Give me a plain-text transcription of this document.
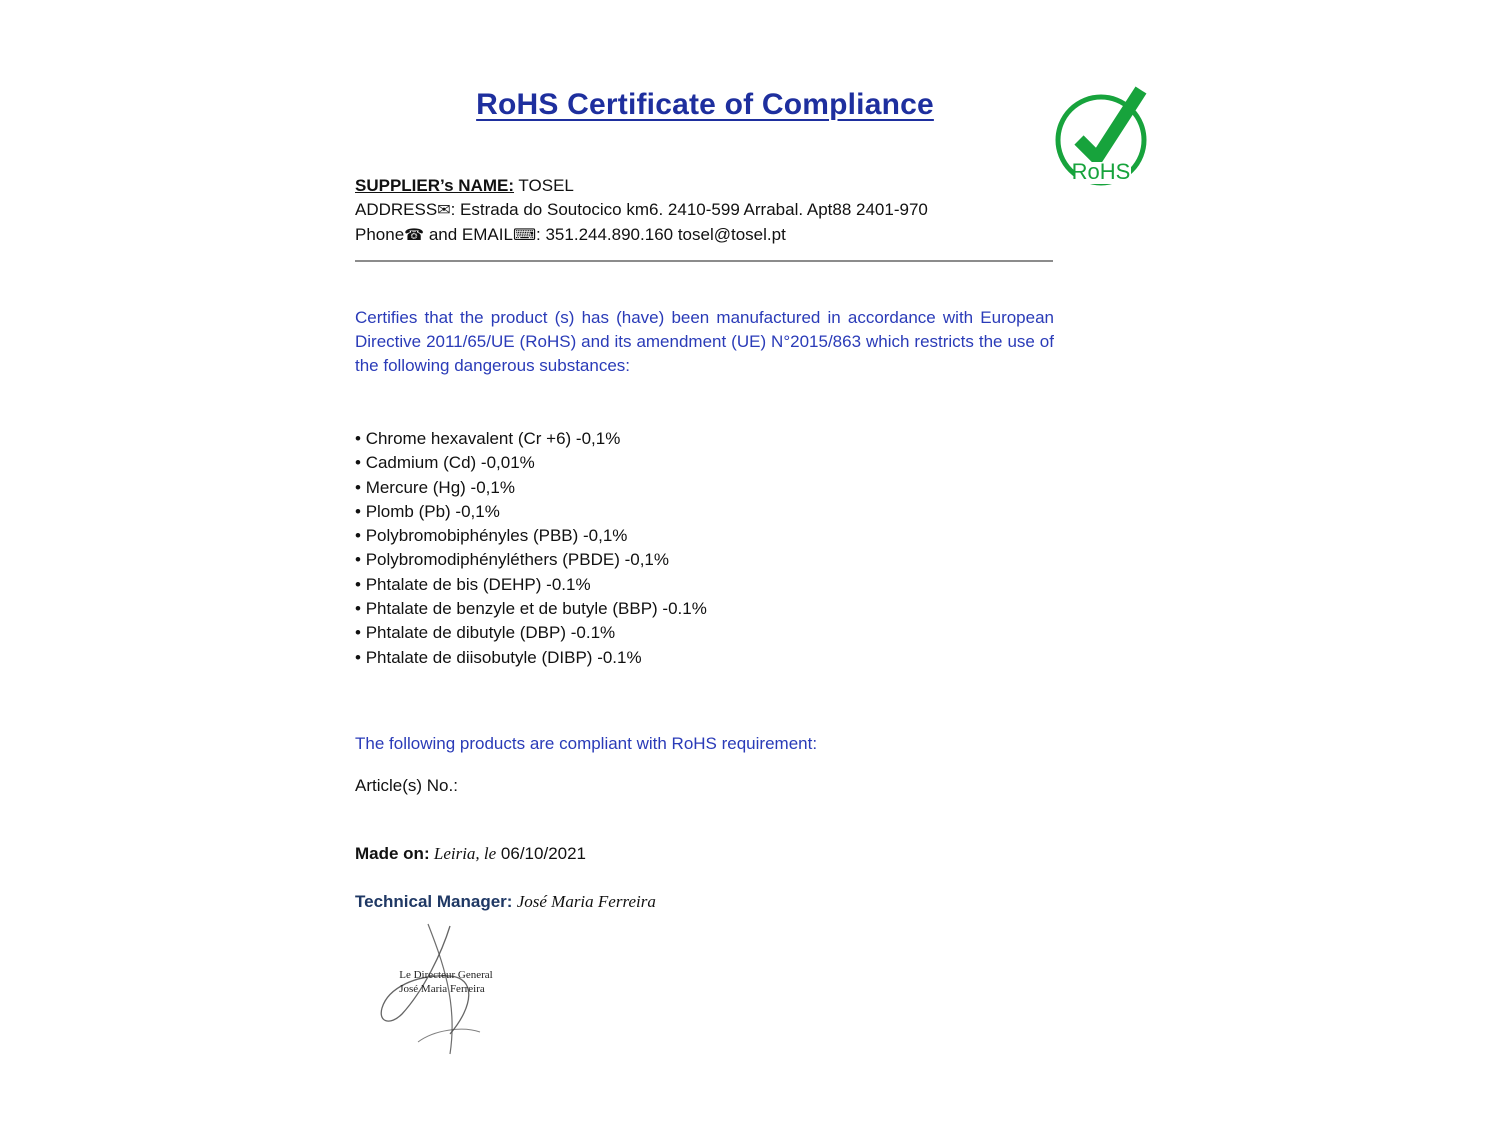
RoHS Certificate of Compliance
RoHS
SUPPLIER’s NAME: TOSEL
ADDRESS✉: Estrada do Soutocico km6. 2410-599 Arrabal. Apt88 2401-970
Phone☎ and EMAIL⌨: 351.244.890.160 tosel@tosel.pt
Certifies that the product (s) has (have) been manufactured in accordance with European Directive 2011/65/UE (RoHS) and its amendment (UE) N°2015/863 which restricts the use of the following dangerous substances:
• Chrome hexavalent (Cr +6) -0,1%
• Cadmium (Cd) -0,01%
• Mercure (Hg) -0,1%
• Plomb (Pb) -0,1%
• Polybromobiphényles (PBB) -0,1%
• Polybromodiphényléthers (PBDE) -0,1%
• Phtalate de bis (DEHP) -0.1%
• Phtalate de benzyle et de butyle (BBP) -0.1%
• Phtalate de dibutyle (DBP) -0.1%
• Phtalate de diisobutyle (DIBP) -0.1%
The following products are compliant with RoHS requirement:
Article(s) No.:
Made on: Leiria, le 06/10/2021
Technical Manager: José Maria Ferreira
Le Directeur General
José Maria Ferreira
